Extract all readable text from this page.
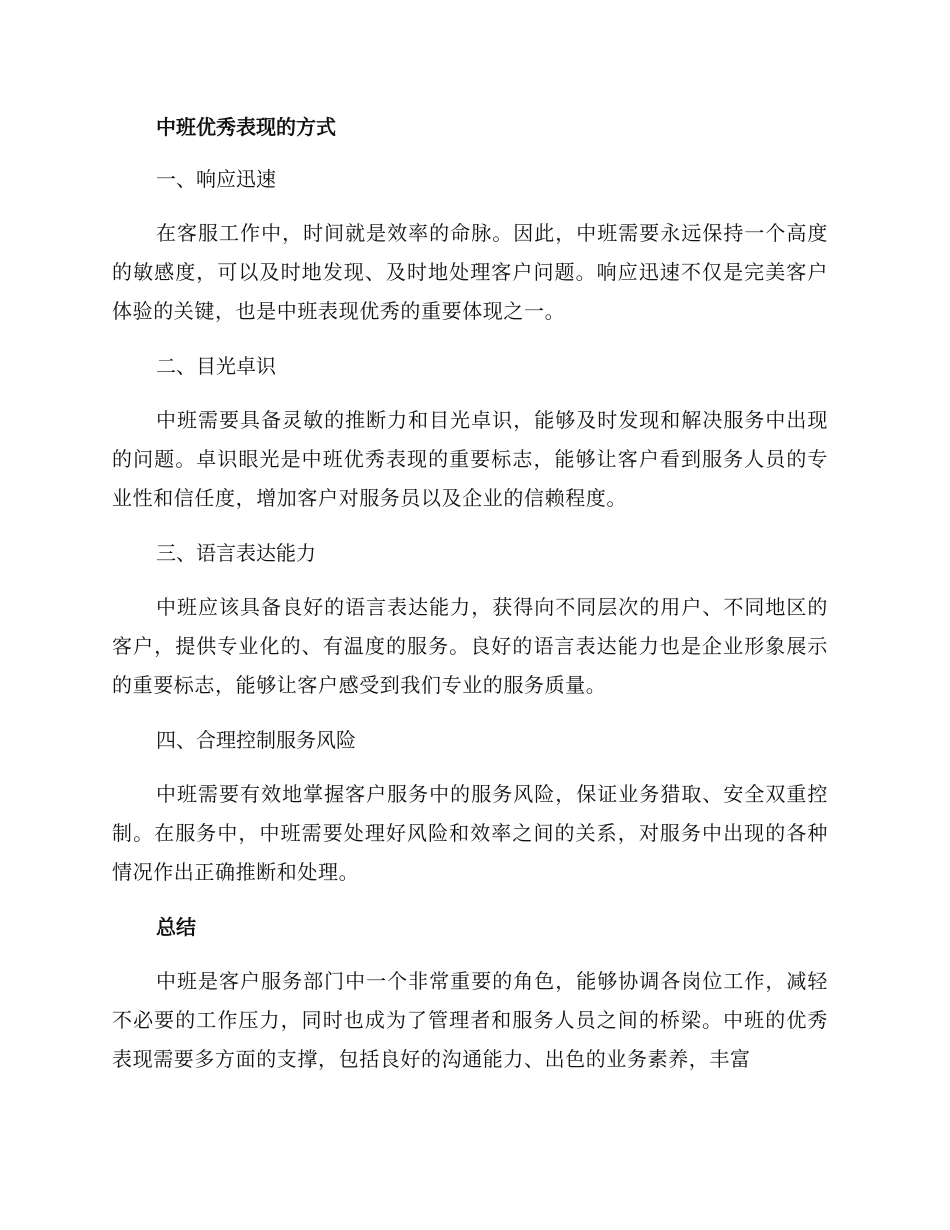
中班优秀表现的方式
一、响应迅速
在客服工作中，时间就是效率的命脉。因此，中班需要永远保持一个高度的敏感度，可以及时地发现、及时地处理客户问题。响应迅速不仅是完美客户体验的关键，也是中班表现优秀的重要体现之一。
二、目光卓识
中班需要具备灵敏的推断力和目光卓识，能够及时发现和解决服务中出现的问题。卓识眼光是中班优秀表现的重要标志，能够让客户看到服务人员的专业性和信任度，增加客户对服务员以及企业的信赖程度。
三、语言表达能力
中班应该具备良好的语言表达能力，获得向不同层次的用户、不同地区的客户，提供专业化的、有温度的服务。良好的语言表达能力也是企业形象展示的重要标志，能够让客户感受到我们专业的服务质量。
四、合理控制服务风险
中班需要有效地掌握客户服务中的服务风险，保证业务猎取、安全双重控制。在服务中，中班需要处理好风险和效率之间的关系，对服务中出现的各种情况作出正确推断和处理。
总结
中班是客户服务部门中一个非常重要的角色，能够协调各岗位工作，减轻不必要的工作压力，同时也成为了管理者和服务人员之间的桥梁。中班的优秀表现需要多方面的支撑，包括良好的沟通能力、出色的业务素养，丰富
